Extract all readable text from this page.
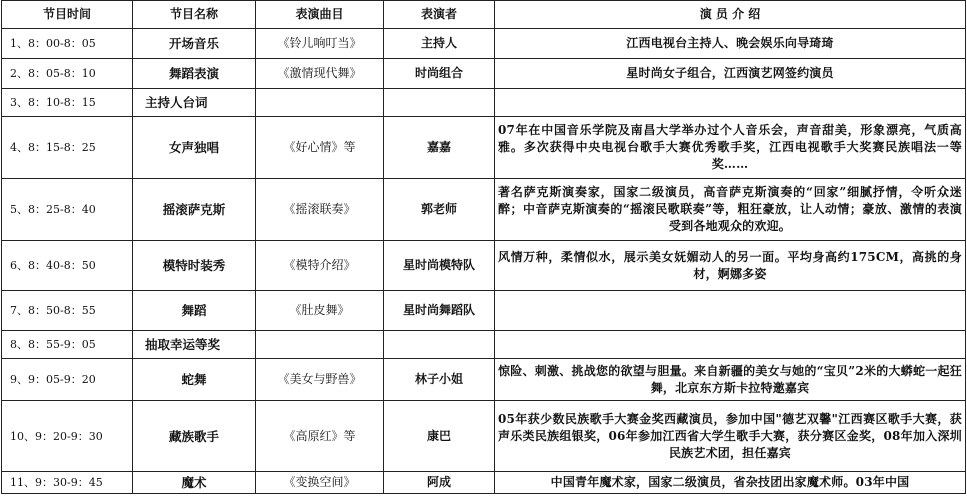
节目时间	节目名称	表演曲目	表演者	演 员 介 绍
1、8：00-8：05	开场音乐	《铃儿响叮当》	主持人	江西电视台主持人、晚会娱乐向导琦琦
2、8：05-8：10	舞蹈表演	《激情现代舞》	时尚组合	星时尚女子组合，江西演艺网签约演员
3、8：10-8：15	主持人台词			
4、8：15-8：25	女声独唱	《好心情》等	嘉嘉	07年在中国音乐学院及南昌大学举办过个人音乐会，声音甜美，形象漂亮，气质高雅。多次获得中央电视台歌手大赛优秀歌手奖，江西电视歌手大奖赛民族唱法一等奖……
5、8：25-8：40	摇滚萨克斯	《摇滚联奏》	郭老师	著名萨克斯演奏家，国家二级演员，高音萨克斯演奏的“回家”细腻抒情，令听众迷醉；中音萨克斯演奏的“摇滚民歌联奏”等，粗狂豪放，让人动情；豪放、激情的表演受到各地观众的欢迎。
6、8：40-8：50	模特时装秀	《模特介绍》	星时尚模特队	风情万种，柔情似水，展示美女妩媚动人的另一面。平均身高约175CM，高挑的身材，婀娜多姿
7、8：50-8：55	舞蹈	《肚皮舞》	星时尚舞蹈队	
8、8：55-9：05	抽取幸运等奖			
9、9：05-9：20	蛇舞	《美女与野兽》	林子小姐	惊险、刺激、挑战您的欲望与胆量。来自新疆的美女与她的“宝贝”2米的大蟒蛇一起狂舞，北京东方斯卡拉特邀嘉宾
10、9：20-9：30	藏族歌手	《高原红》等	康巴	05年获少数民族歌手大赛金奖西藏演员，参加中国"德艺双馨"江西赛区歌手大赛，获声乐类民族组银奖，06年参加江西省大学生歌手大赛，获分赛区金奖，08年加入深圳民族艺术团，担任嘉宾
11、9：30-9：45	魔术	《变换空间》	阿成	中国青年魔术家，国家二级演员，省杂技团出家魔术师。03年中国
